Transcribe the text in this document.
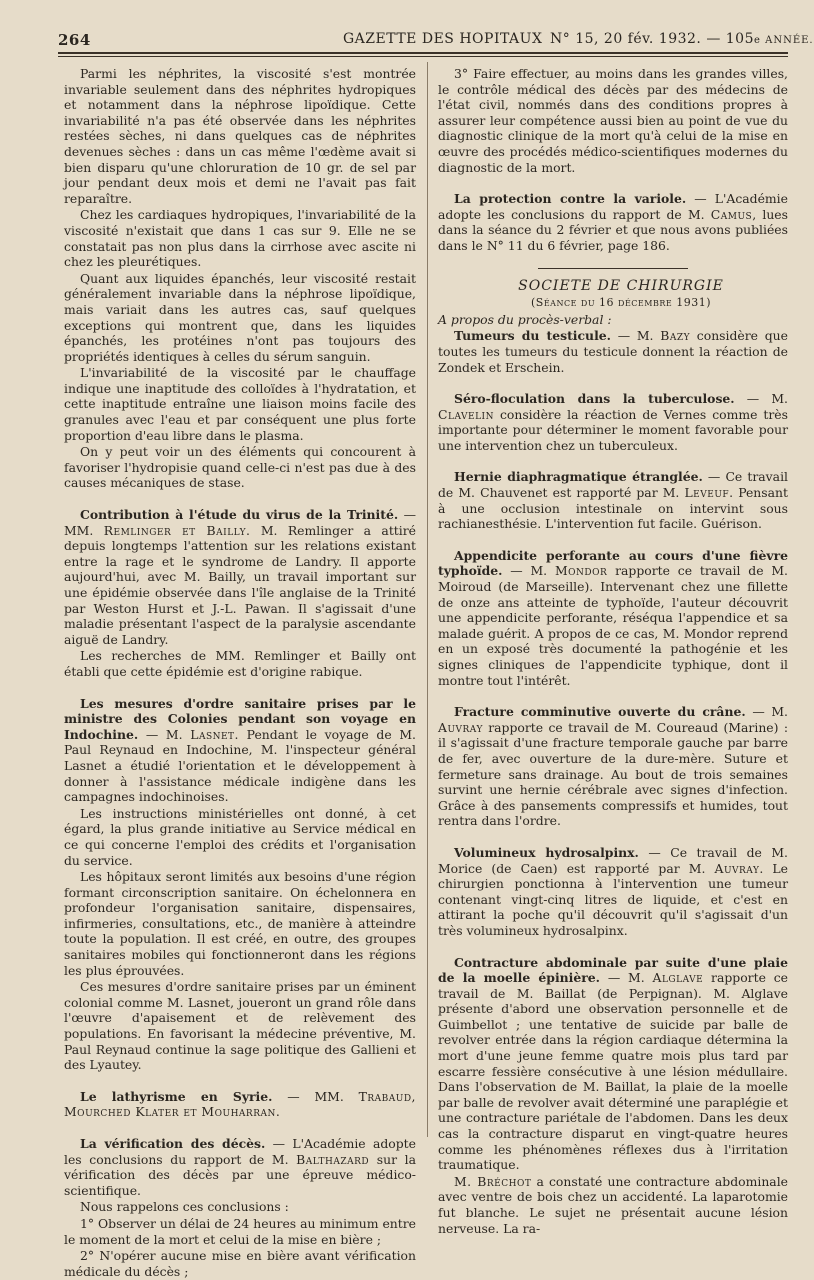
264	GAZETTE DES HOPITAUX N° 15, 20 fév. 1932. — 105e ANNÉE.

Parmi les néphrites, la viscosité s'est montrée invariable seulement dans des néphrites hydropiques et notamment dans la néphrose lipoïdique. Cette invariabilité n'a pas été observée dans les néphrites restées sèches, ni dans quelques cas de néphrites devenues sèches : dans un cas même l'œdème avait si bien disparu qu'une chloruration de 10 gr. de sel par jour pendant deux mois et demi ne l'avait pas fait reparaître.

Chez les cardiaques hydropiques, l'invariabilité de la viscosité n'existait que dans 1 cas sur 9. Elle ne se constatait pas non plus dans la cirrhose avec ascite ni chez les pleurétiques.

Quant aux liquides épanchés, leur viscosité restait généralement invariable dans la néphrose lipoïdique, mais variait dans les autres cas, sauf quelques exceptions qui montrent que, dans les liquides épanchés, les protéines n'ont pas toujours des propriétés identiques à celles du sérum sanguin.

L'invariabilité de la viscosité par le chauffage indique une inaptitude des colloïdes à l'hydratation, et cette inaptitude entraîne une liaison moins facile des granules avec l'eau et par conséquent une plus forte proportion d'eau libre dans le plasma.

On y peut voir un des éléments qui concourent à favoriser l'hydropisie quand celle-ci n'est pas due à des causes mécaniques de stase.

Contribution à l'étude du virus de la Trinité. — MM. Remlinger et Bailly. M. Remlinger a attiré depuis longtemps l'attention sur les relations existant entre la rage et le syndrome de Landry. Il apporte aujourd'hui, avec M. Bailly, un travail important sur une épidémie observée dans l'île anglaise de la Trinité par Weston Hurst et J.-L. Pawan. Il s'agissait d'une maladie présentant l'aspect de la paralysie ascendante aiguë de Landry.

Les recherches de MM. Remlinger et Bailly ont établi que cette épidémie est d'origine rabique.

Les mesures d'ordre sanitaire prises par le ministre des Colonies pendant son voyage en Indochine. — M. Lasnet. Pendant le voyage de M. Paul Reynaud en Indochine, M. l'inspecteur général Lasnet a étudié l'orientation et le développement à donner à l'assistance médicale indigène dans les campagnes indochinoises.

Les instructions ministérielles ont donné, à cet égard, la plus grande initiative au Service médical en ce qui concerne l'emploi des crédits et l'organisation du service.

Les hôpitaux seront limités aux besoins d'une région formant circonscription sanitaire. On échelonnera en profondeur l'organisation sanitaire, dispensaires, infirmeries, consultations, etc., de manière à atteindre toute la population. Il est créé, en outre, des groupes sanitaires mobiles qui fonctionneront dans les régions les plus éprouvées.

Ces mesures d'ordre sanitaire prises par un éminent colonial comme M. Lasnet, joueront un grand rôle dans l'œuvre d'apaisement et de relèvement des populations. En favorisant la médecine préventive, M. Paul Reynaud continue la sage politique des Gallieni et des Lyautey.

Le lathyrisme en Syrie. — MM. Trabaud, Mourched Klater et Mouharran.

La vérification des décès. — L'Académie adopte les conclusions du rapport de M. Balthazard sur la vérification des décès par une épreuve médico-scientifique.

Nous rappelons ces conclusions :

1° Observer un délai de 24 heures au minimum entre le moment de la mort et celui de la mise en bière ;

2° N'opérer aucune mise en bière avant vérification médicale du décès ;

3° Faire effectuer, au moins dans les grandes villes, le contrôle médical des décès par des médecins de l'état civil, nommés dans des conditions propres à assurer leur compétence aussi bien au point de vue du diagnostic clinique de la mort qu'à celui de la mise en œuvre des procédés médico-scientifiques modernes du diagnostic de la mort.

La protection contre la variole. — L'Académie adopte les conclusions du rapport de M. Camus, lues dans la séance du 2 février et que nous avons publiées dans le N° 11 du 6 février, page 186.

SOCIETE DE CHIRURGIE

(Séance du 16 décembre 1931)

A propos du procès-verbal :

Tumeurs du testicule. — M. Bazy considère que toutes les tumeurs du testicule donnent la réaction de Zondek et Erschein.

Séro-floculation dans la tuberculose. — M. Clavelin considère la réaction de Vernes comme très importante pour déterminer le moment favorable pour une intervention chez un tuberculeux.

Hernie diaphragmatique étranglée. — Ce travail de M. Chauvenet est rapporté par M. Leveuf. Pensant à une occlusion intestinale on intervint sous rachianesthésie. L'intervention fut facile. Guérison.

Appendicite perforante au cours d'une fièvre typhoïde. — M. Mondor rapporte ce travail de M. Moiroud (de Marseille). Intervenant chez une fillette de onze ans atteinte de typhoïde, l'auteur découvrit une appendicite perforante, réséqua l'appendice et sa malade guérit. A propos de ce cas, M. Mondor reprend en un exposé très documenté la pathogénie et les signes cliniques de l'appendicite typhique, dont il montre tout l'intérêt.

Fracture comminutive ouverte du crâne. — M. Auvray rapporte ce travail de M. Coureaud (Marine) : il s'agissait d'une fracture temporale gauche par barre de fer, avec ouverture de la dure-mère. Suture et fermeture sans drainage. Au bout de trois semaines survint une hernie cérébrale avec signes d'infection. Grâce à des pansements compressifs et humides, tout rentra dans l'ordre.

Volumineux hydrosalpinx. — Ce travail de M. Morice (de Caen) est rapporté par M. Auvray. Le chirurgien ponctionna à l'intervention une tumeur contenant vingt-cinq litres de liquide, et c'est en attirant la poche qu'il découvrit qu'il s'agissait d'un très volumineux hydrosalpinx.

Contracture abdominale par suite d'une plaie de la moelle épinière. — M. Alglave rapporte ce travail de M. Baillat (de Perpignan). M. Alglave présente d'abord une observation personnelle et de Guimbellot ; une tentative de suicide par balle de revolver entrée dans la région cardiaque détermina la mort d'une jeune femme quatre mois plus tard par escarre fessière consécutive à une lésion médullaire. Dans l'observation de M. Baillat, la plaie de la moelle par balle de revolver avait déterminé une paraplégie et une contracture pariétale de l'abdomen. Dans les deux cas la contracture disparut en vingt-quatre heures comme les phénomènes réflexes dus à l'irritation traumatique.

M. Bréchot a constaté une contracture abdominale avec ventre de bois chez un accidenté. La laparotomie fut blanche. Le sujet ne présentait aucune lésion nerveuse. La ra-
